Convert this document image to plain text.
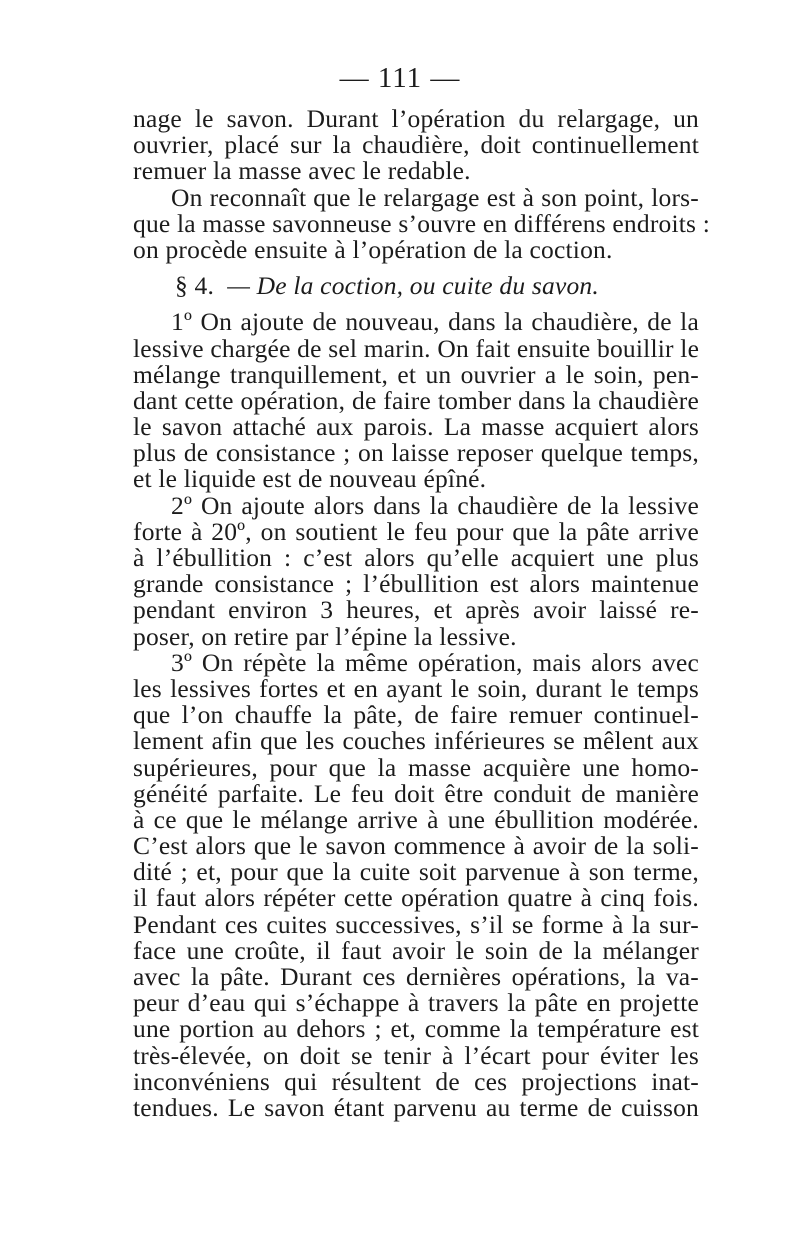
— 111 —
nage le savon. Durant l’opération du relargage, un
ouvrier, placé sur la chaudière, doit continuellement
remuer la masse avec le redable.
On reconnaît que le relargage est à son point, lors-
que la masse savonneuse s’ouvre en différens endroits :
on procède ensuite à l’opération de la coction.
§ 4. — De la coction, ou cuite du savon.
1º On ajoute de nouveau, dans la chaudière, de la
lessive chargée de sel marin. On fait ensuite bouillir le
mélange tranquillement, et un ouvrier a le soin, pen-
dant cette opération, de faire tomber dans la chaudière
le savon attaché aux parois. La masse acquiert alors
plus de consistance ; on laisse reposer quelque temps,
et le liquide est de nouveau épîné.
2º On ajoute alors dans la chaudière de la lessive
forte à 20º, on soutient le feu pour que la pâte arrive
à l’ébullition : c’est alors qu’elle acquiert une plus
grande consistance ; l’ébullition est alors maintenue
pendant environ 3 heures, et après avoir laissé re-
poser, on retire par l’épine la lessive.
3º On répète la même opération, mais alors avec
les lessives fortes et en ayant le soin, durant le temps
que l’on chauffe la pâte, de faire remuer continuel-
lement afin que les couches inférieures se mêlent aux
supérieures, pour que la masse acquière une homo-
généité parfaite. Le feu doit être conduit de manière
à ce que le mélange arrive à une ébullition modérée.
C’est alors que le savon commence à avoir de la soli-
dité ; et, pour que la cuite soit parvenue à son terme,
il faut alors répéter cette opération quatre à cinq fois.
Pendant ces cuites successives, s’il se forme à la sur-
face une croûte, il faut avoir le soin de la mélanger
avec la pâte. Durant ces dernières opérations, la va-
peur d’eau qui s’échappe à travers la pâte en projette
une portion au dehors ; et, comme la température est
très-élevée, on doit se tenir à l’écart pour éviter les
inconvéniens qui résultent de ces projections inat-
tendues. Le savon étant parvenu au terme de cuisson
